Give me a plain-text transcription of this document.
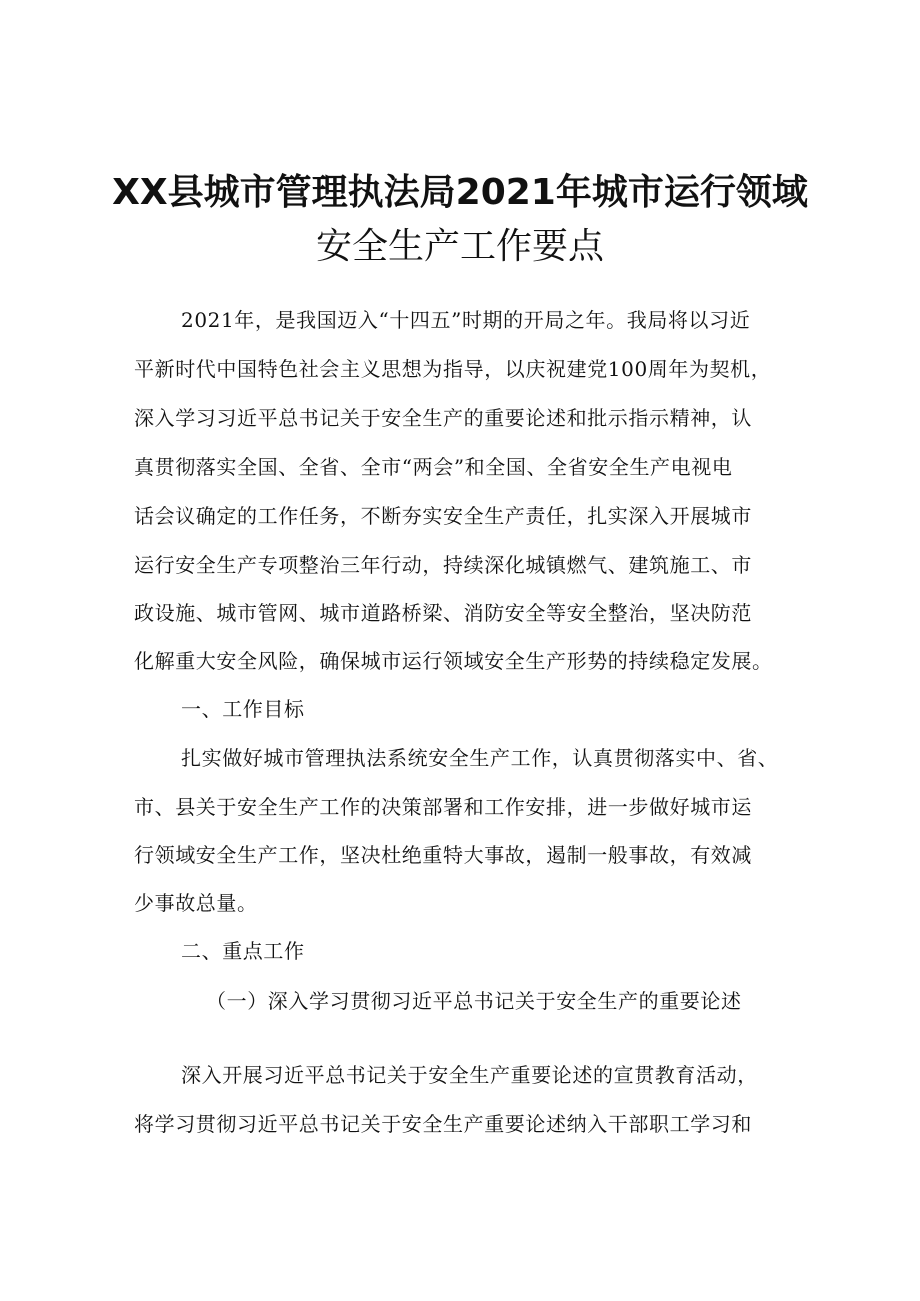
XX县城市管理执法局2021年城市运行领域
安全生产工作要点
2021年，是我国迈入“十四五”时期的开局之年。我局将以习近
平新时代中国特色社会主义思想为指导，以庆祝建党100周年为契机，
深入学习习近平总书记关于安全生产的重要论述和批示指示精神，认
真贯彻落实全国、全省、全市“两会”和全国、全省安全生产电视电
话会议确定的工作任务，不断夯实安全生产责任，扎实深入开展城市
运行安全生产专项整治三年行动，持续深化城镇燃气、建筑施工、市
政设施、城市管网、城市道路桥梁、消防安全等安全整治，坚决防范
化解重大安全风险，确保城市运行领域安全生产形势的持续稳定发展。
一、工作目标
扎实做好城市管理执法系统安全生产工作，认真贯彻落实中、省、
市、县关于安全生产工作的决策部署和工作安排，进一步做好城市运
行领域安全生产工作，坚决杜绝重特大事故，遏制一般事故，有效减
少事故总量。
二、重点工作
（一）深入学习贯彻习近平总书记关于安全生产的重要论述
深入开展习近平总书记关于安全生产重要论述的宣贯教育活动，
将学习贯彻习近平总书记关于安全生产重要论述纳入干部职工学习和
